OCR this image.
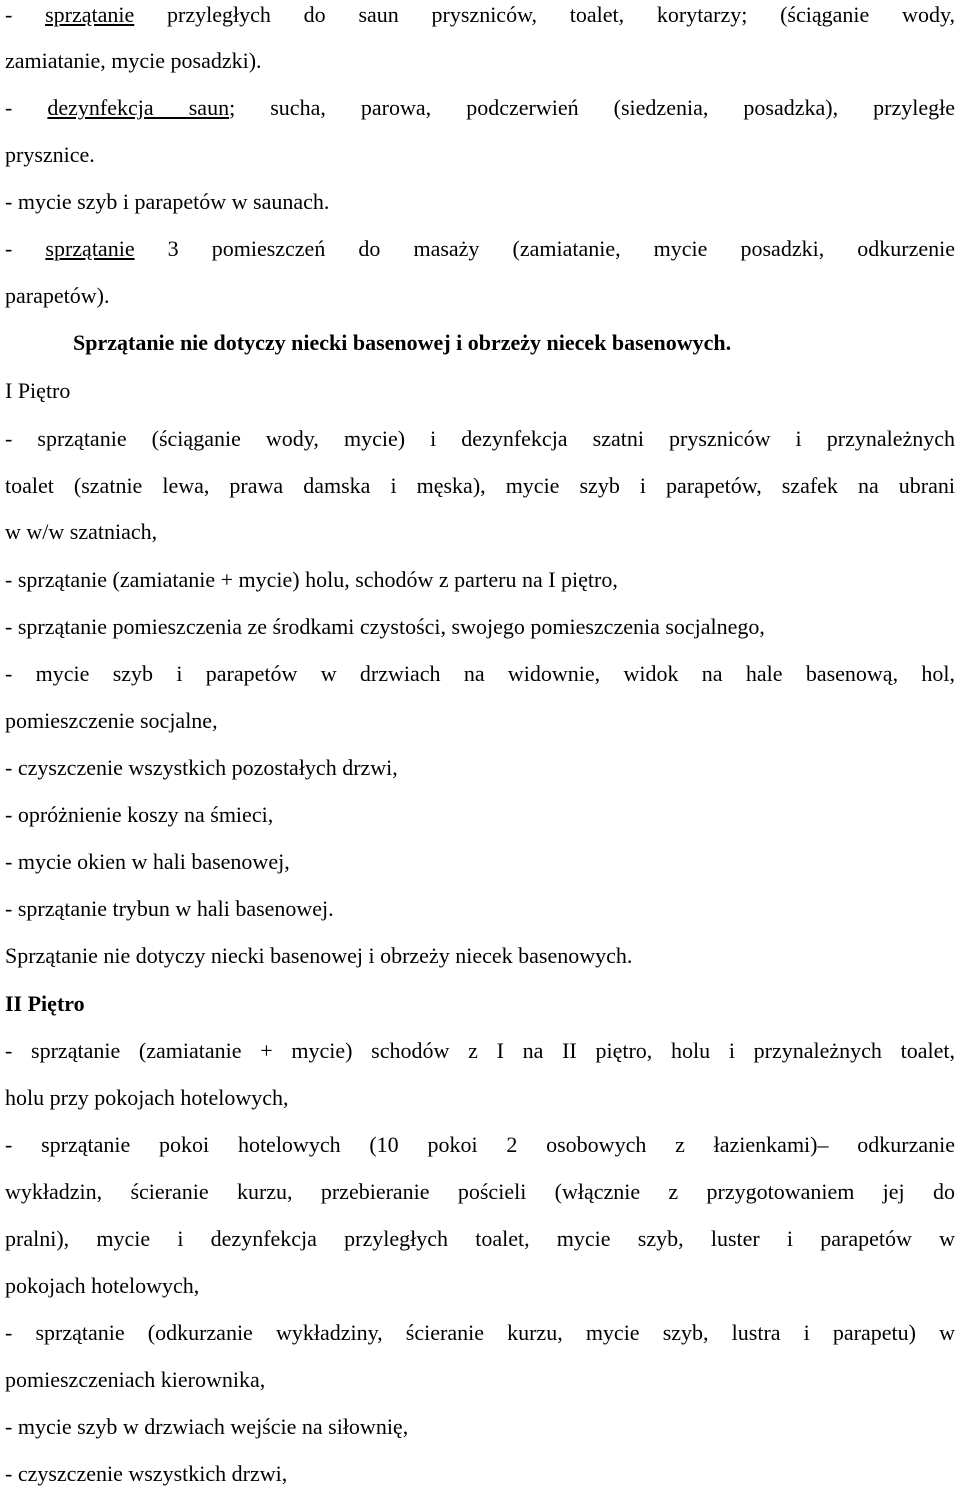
- sprzątanie przyległych do saun pryszniców, toalet, korytarzy; (ściąganie wody,
zamiatanie, mycie posadzki).
- dezynfekcja saun; sucha, parowa, podczerwień (siedzenia, posadzka), przyległe
prysznice.
- mycie szyb i parapetów w saunach.
- sprzątanie 3 pomieszczeń do masaży (zamiatanie, mycie posadzki, odkurzenie
parapetów).
Sprzątanie nie dotyczy niecki basenowej i obrzeży niecek basenowych.
I Piętro
- sprzątanie (ściąganie wody, mycie) i dezynfekcja szatni pryszniców i przynależnych
toalet (szatnie lewa, prawa damska i męska), mycie szyb i parapetów, szafek na ubrani
w w/w szatniach,
- sprzątanie (zamiatanie + mycie) holu, schodów z parteru na I piętro,
- sprzątanie pomieszczenia ze środkami czystości, swojego pomieszczenia socjalnego,
- mycie szyb i parapetów w drzwiach na widownie, widok na hale basenową, hol,
pomieszczenie socjalne,
- czyszczenie wszystkich pozostałych drzwi,
- opróżnienie koszy na śmieci,
- mycie okien w hali basenowej,
- sprzątanie trybun w hali basenowej.
Sprzątanie nie dotyczy niecki basenowej i obrzeży niecek basenowych.
II Piętro
- sprzątanie (zamiatanie + mycie) schodów z I na II piętro, holu i przynależnych toalet,
holu przy pokojach hotelowych,
- sprzątanie pokoi hotelowych (10 pokoi 2 osobowych z łazienkami)– odkurzanie
wykładzin, ścieranie kurzu, przebieranie pościeli (włącznie z przygotowaniem jej do
pralni), mycie i dezynfekcja przyległych toalet, mycie szyb, luster i parapetów w
pokojach hotelowych,
- sprzątanie (odkurzanie wykładziny, ścieranie kurzu, mycie szyb, lustra i parapetu) w
pomieszczeniach kierownika,
- mycie szyb w drzwiach wejście na siłownię,
- czyszczenie wszystkich drzwi,
